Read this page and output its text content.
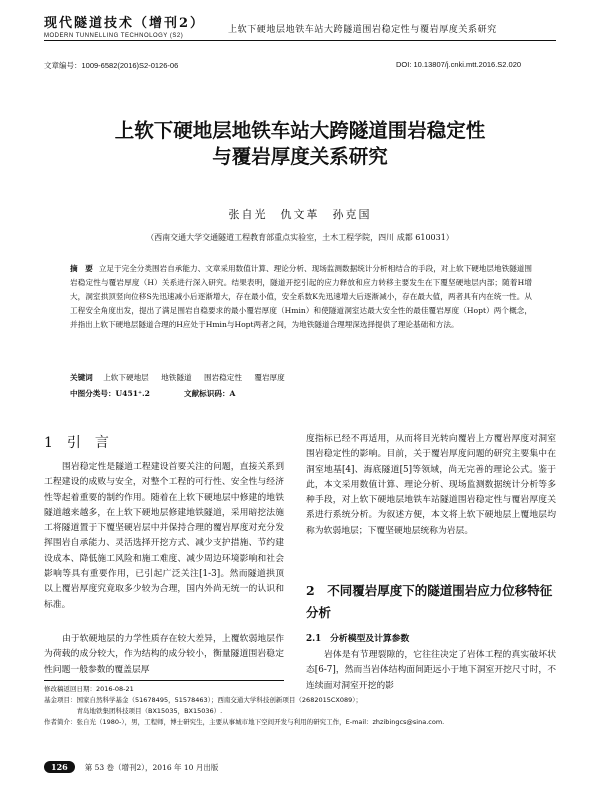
现代隧道技术（增刊2）
MODERN TUNNELLING TECHNOLOGY (S2)
上软下硬地层地铁车站大跨隧道围岩稳定性与覆岩厚度关系研究
文章编号：1009-6582(2016)S2-0126-06	DOI: 10.13807/j.cnki.mtt.2016.S2.020
上软下硬地层地铁车站大跨隧道围岩稳定性
与覆岩厚度关系研究
张自光　仇文革　孙克国
（西南交通大学交通隧道工程教育部重点实验室，土木工程学院，四川 成都 610031）

摘　要 立足于完全分类围岩自承能力、文章采用数值计算、理论分析、现场监测数据统计分析相结合的手段，对上软下硬地层地铁隧道围岩稳定性与覆岩厚度（H）关系进行深入研究。结果表明，隧道开挖引起的应力释放和应力转移主要发生在下覆坚硬地层内部；随着H增大，洞室拱顶竖向位移S先迅速减小后逐渐增大，存在最小值，安全系数K先迅速增大后逐渐减小，存在最大值，两者具有内在统一性。从工程安全角度出发，提出了满足围岩自稳要求的最小覆岩厚度（Hmin）和使隧道洞室达最大安全性的最佳覆岩厚度（Hopt）两个概念，并指出上软下硬地层隧道合理的H应处于Hmin与Hopt两者之间，为地铁隧道合理埋深选择提供了理论基础和方法。

关键词 上软下硬地层 地铁隧道 围岩稳定性 覆岩厚度
中图分类号：U451⁺.2	文献标识码：A
1 引　言

围岩稳定性是隧道工程建设首要关注的问题，直接关系到工程建设的成败与安全，对整个工程的可行性、安全性与经济性等起着重要的制约作用。随着在上软下硬地层中修建的地铁隧道越来越多，在上软下硬地层修建地铁隧道，采用暗挖法施工将隧道置于下覆坚硬岩层中并保持合理的覆岩厚度对充分发挥围岩自承能力、灵活选择开挖方式、减少支护措施、节约建设成本、降低施工风险和施工难度、减少周边环境影响和社会影响等具有重要作用，已引起广泛关注[1-3]。然而隧道拱顶以上覆岩厚度究竟取多少较为合理，国内外尚无统一的认识和标准。

由于软硬地层的力学性质存在较大差异，上覆软弱地层作为荷载的成分较大，作为结构的成分较小，衡量隧道围岩稳定性问题一般参数的覆盖层厚

度指标已经不再适用，从而将目光转向覆岩上方覆岩厚度对洞室围岩稳定性的影响。目前，关于覆岩厚度问题的研究主要集中在洞室地基[4]、海底隧道[5]等领域，尚无完善的理论公式。鉴于此，本文采用数值计算、理论分析、现场监测数据统计分析等多种手段，对上软下硬地层地铁车站隧道围岩稳定性与覆岩厚度关系进行系统分析。为叙述方便，本文将上软下硬地层上覆地层均称为软弱地层；下覆坚硬地层统称为岩层。

2　 不同覆岩厚度下的隧道围岩应力位移特征分析
2.1　分析模型及计算参数

岩体是有节理裂隙的，它往往决定了岩体工程的真实破坏状态[6-7]，然而当岩体结构面间距远小于地下洞室开挖尺寸时，不连续面对洞室开挖的影

修改稿返回日期：2016-08-21
基金项目：国家自然科学基金（51678495，51578463）；西南交通大学科技创新项目（2682015CX089）；
　　　　　青岛地铁集团科技项目（BX15035，BX15036）.
作者简介：张自光（1980-），男，工程师，博士研究生，主要从事城市地下空间开发与利用的研究工作，E-mail：zhzibingcs@sina.com.
126	第 53 卷（增刊2），2016 年 10 月出版
